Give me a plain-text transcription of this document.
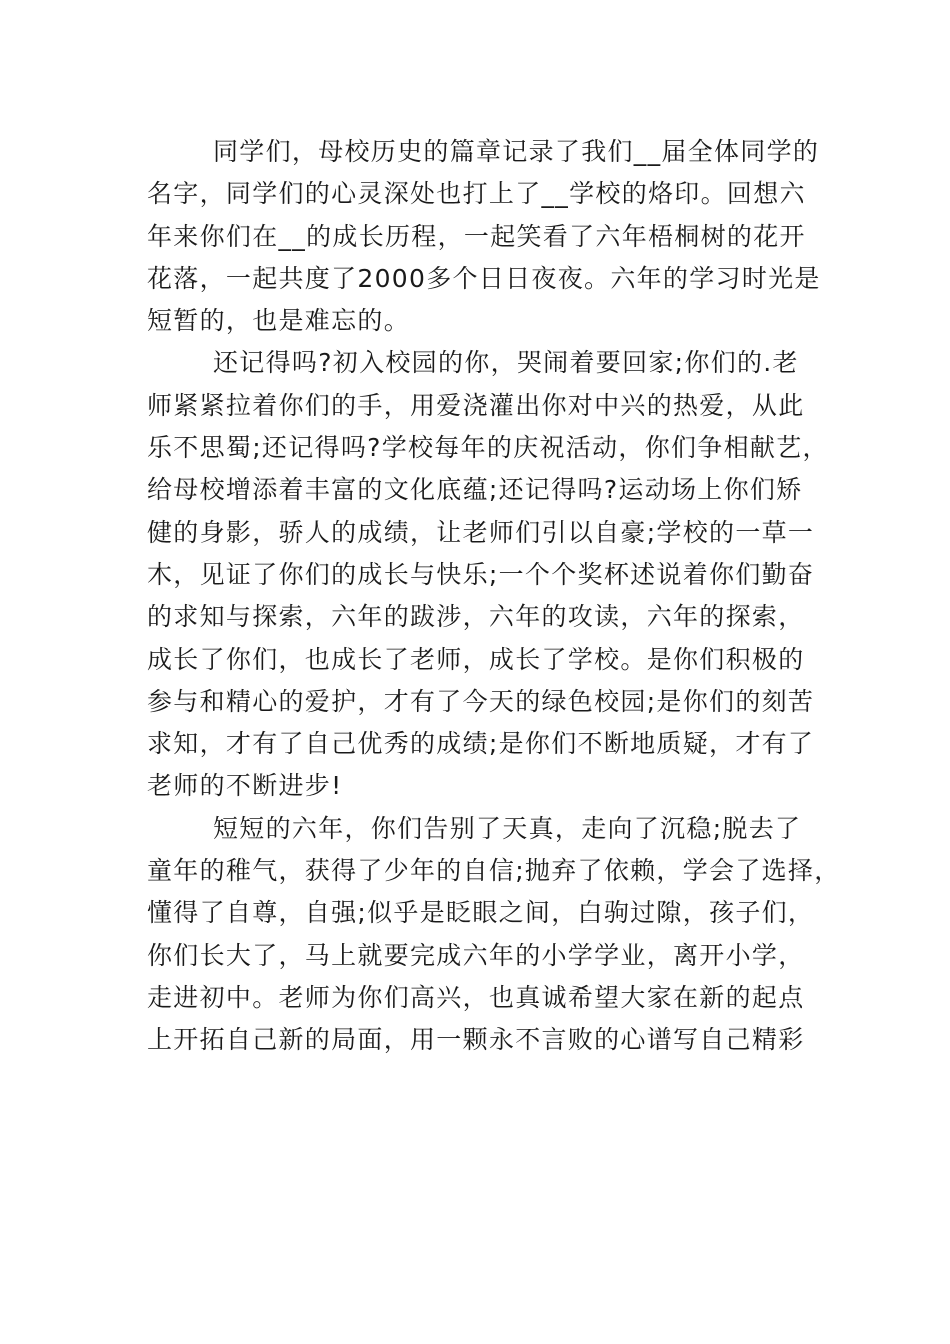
同学们，母校历史的篇章记录了我们__届全体同学的
名字，同学们的心灵深处也打上了__学校的烙印。回想六
年来你们在__的成长历程，一起笑看了六年梧桐树的花开
花落，一起共度了2000多个日日夜夜。六年的学习时光是
短暂的，也是难忘的。
还记得吗?初入校园的你，哭闹着要回家;你们的.老
师紧紧拉着你们的手，用爱浇灌出你对中兴的热爱，从此
乐不思蜀;还记得吗?学校每年的庆祝活动，你们争相献艺，
给母校增添着丰富的文化底蕴;还记得吗?运动场上你们矫
健的身影，骄人的成绩，让老师们引以自豪;学校的一草一
木，见证了你们的成长与快乐;一个个奖杯述说着你们勤奋
的求知与探索，六年的跋涉，六年的攻读，六年的探索，
成长了你们，也成长了老师，成长了学校。是你们积极的
参与和精心的爱护，才有了今天的绿色校园;是你们的刻苦
求知，才有了自己优秀的成绩;是你们不断地质疑，才有了
老师的不断进步!
短短的六年，你们告别了天真，走向了沉稳;脱去了
童年的稚气，获得了少年的自信;抛弃了依赖，学会了选择，
懂得了自尊，自强;似乎是眨眼之间，白驹过隙，孩子们，
你们长大了，马上就要完成六年的小学学业，离开小学，
走进初中。老师为你们高兴，也真诚希望大家在新的起点
上开拓自己新的局面，用一颗永不言败的心谱写自己精彩
